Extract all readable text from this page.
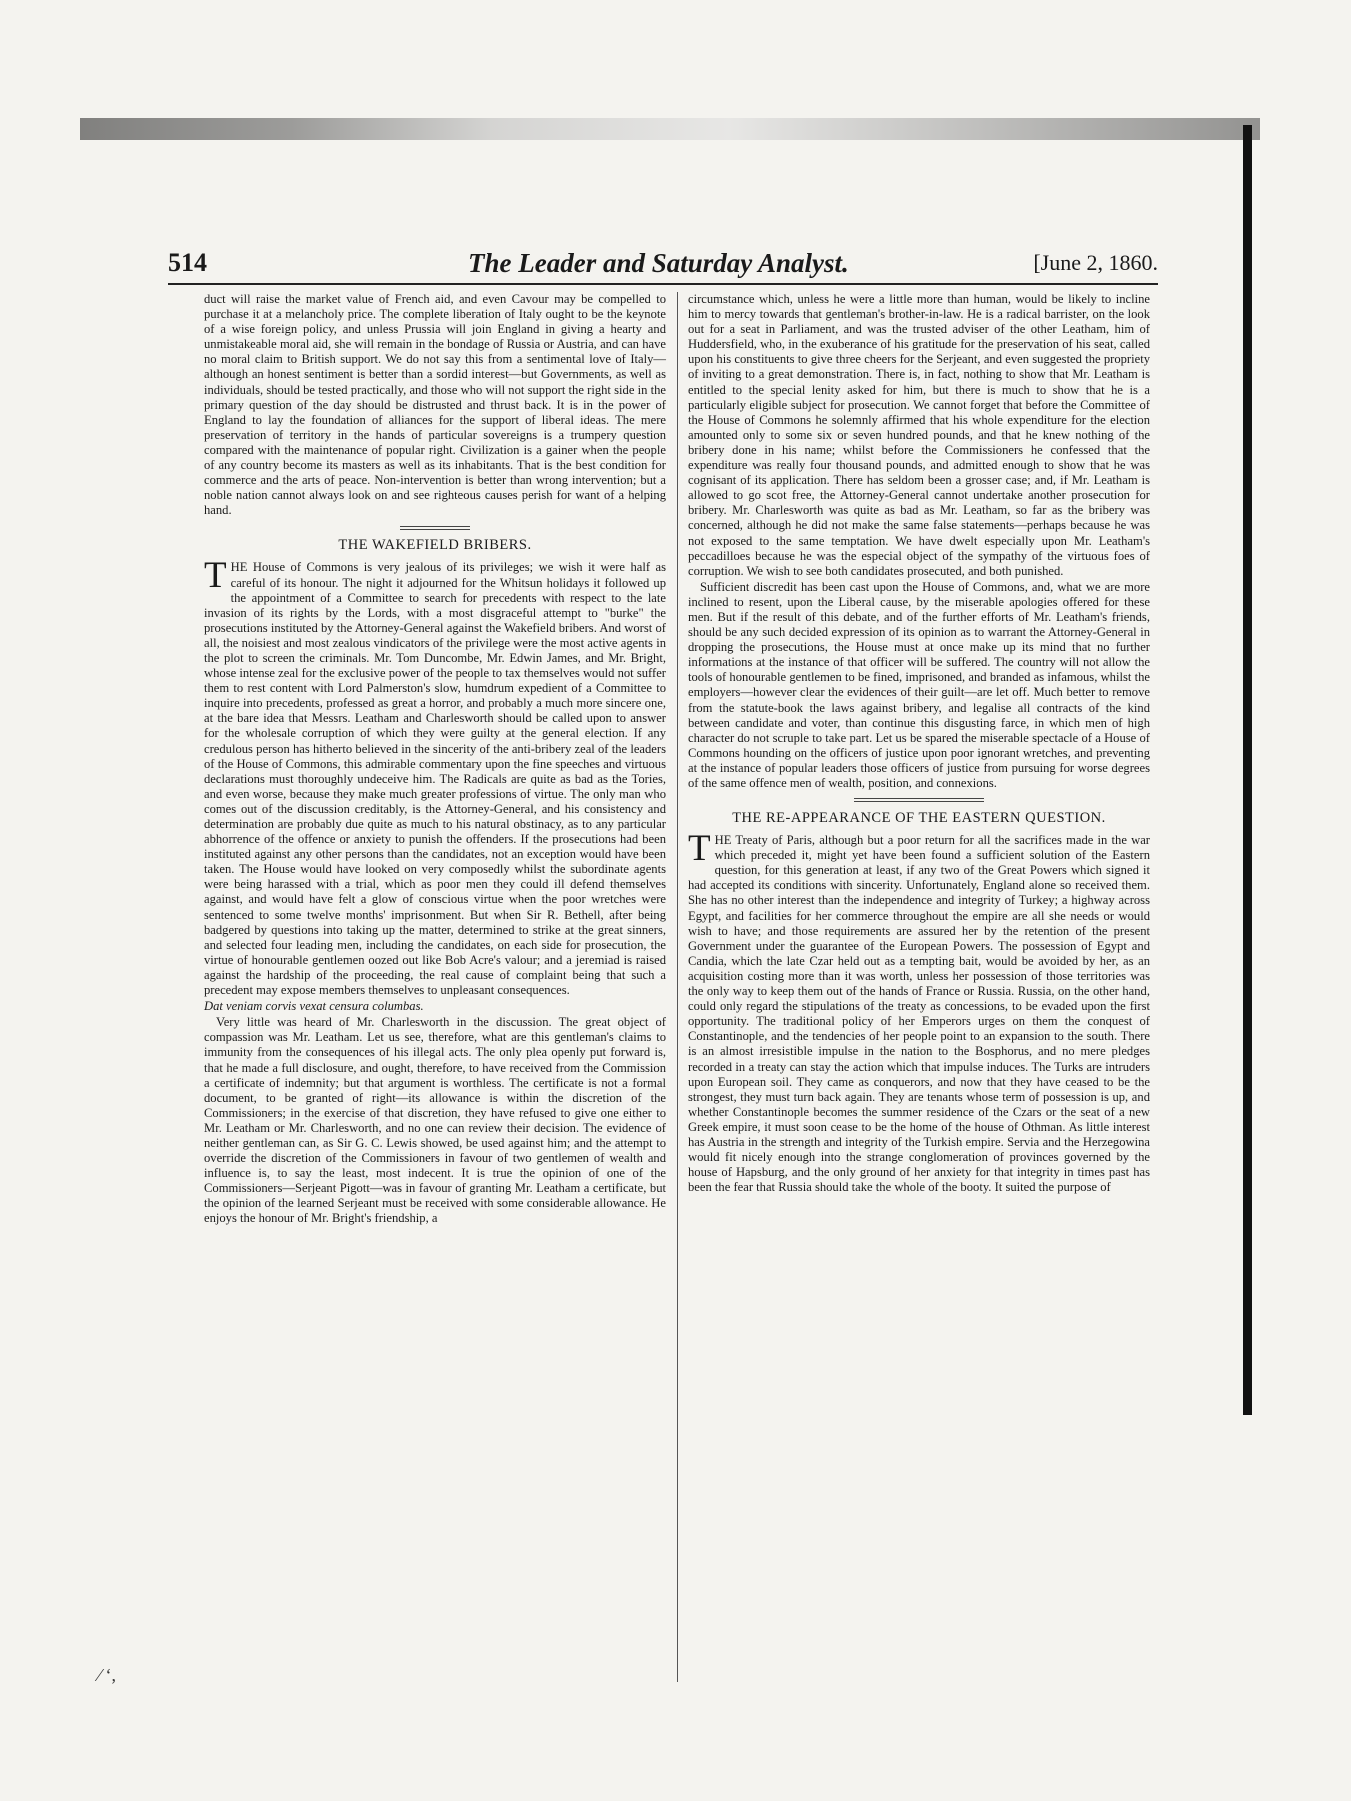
⁄ ʻ,
514	The Leader and Saturday Analyst.	[June 2, 1860.

duct will raise the market value of French aid, and even Cavour may be compelled to purchase it at a melancholy price. The complete liberation of Italy ought to be the keynote of a wise foreign policy, and unless Prussia will join England in giving a hearty and unmistakeable moral aid, she will remain in the bondage of Russia or Austria, and can have no moral claim to British support. We do not say this from a sentimental love of Italy—although an honest sentiment is better than a sordid interest—but Governments, as well as individuals, should be tested practically, and those who will not support the right side in the primary question of the day should be distrusted and thrust back. It is in the power of England to lay the foundation of alliances for the support of liberal ideas. The mere preservation of territory in the hands of particular sovereigns is a trumpery question compared with the maintenance of popular right. Civilization is a gainer when the people of any country become its masters as well as its inhabitants. That is the best condition for commerce and the arts of peace. Non-intervention is better than wrong intervention; but a noble nation cannot always look on and see righteous causes perish for want of a helping hand.

THE WAKEFIELD BRIBERS.

THE House of Commons is very jealous of its privileges; we wish it were half as careful of its honour. The night it adjourned for the Whitsun holidays it followed up the appointment of a Committee to search for precedents with respect to the late invasion of its rights by the Lords, with a most disgraceful attempt to "burke" the prosecutions instituted by the Attorney-General against the Wakefield bribers. And worst of all, the noisiest and most zealous vindicators of the privilege were the most active agents in the plot to screen the criminals. Mr. Tom Duncombe, Mr. Edwin James, and Mr. Bright, whose intense zeal for the exclusive power of the people to tax themselves would not suffer them to rest content with Lord Palmerston's slow, humdrum expedient of a Committee to inquire into precedents, professed as great a horror, and probably a much more sincere one, at the bare idea that Messrs. Leatham and Charlesworth should be called upon to answer for the wholesale corruption of which they were guilty at the general election. If any credulous person has hitherto believed in the sincerity of the anti-bribery zeal of the leaders of the House of Commons, this admirable commentary upon the fine speeches and virtuous declarations must thoroughly undeceive him. The Radicals are quite as bad as the Tories, and even worse, because they make much greater professions of virtue. The only man who comes out of the discussion creditably, is the Attorney-General, and his consistency and determination are probably due quite as much to his natural obstinacy, as to any particular abhorrence of the offence or anxiety to punish the offenders. If the prosecutions had been instituted against any other persons than the candidates, not an exception would have been taken. The House would have looked on very composedly whilst the subordinate agents were being harassed with a trial, which as poor men they could ill defend themselves against, and would have felt a glow of conscious virtue when the poor wretches were sentenced to some twelve months' imprisonment. But when Sir R. Bethell, after being badgered by questions into taking up the matter, determined to strike at the great sinners, and selected four leading men, including the candidates, on each side for prosecution, the virtue of honourable gentlemen oozed out like Bob Acre's valour; and a jeremiad is raised against the hardship of the proceeding, the real cause of complaint being that such a precedent may expose members themselves to unpleasant consequences.

Dat veniam corvis vexat censura columbas.

Very little was heard of Mr. Charlesworth in the discussion. The great object of compassion was Mr. Leatham. Let us see, therefore, what are this gentleman's claims to immunity from the consequences of his illegal acts. The only plea openly put forward is, that he made a full disclosure, and ought, therefore, to have received from the Commission a certificate of indemnity; but that argument is worthless. The certificate is not a formal document, to be granted of right—its allowance is within the discretion of the Commissioners; in the exercise of that discretion, they have refused to give one either to Mr. Leatham or Mr. Charlesworth, and no one can review their decision. The evidence of neither gentleman can, as Sir G. C. Lewis showed, be used against him; and the attempt to override the discretion of the Commissioners in favour of two gentlemen of wealth and influence is, to say the least, most indecent. It is true the opinion of one of the Commissioners—Serjeant Pigott—was in favour of granting Mr. Leatham a certificate, but the opinion of the learned Serjeant must be received with some considerable allowance. He enjoys the honour of Mr. Bright's friendship, a

circumstance which, unless he were a little more than human, would be likely to incline him to mercy towards that gentleman's brother-in-law. He is a radical barrister, on the look out for a seat in Parliament, and was the trusted adviser of the other Leatham, him of Huddersfield, who, in the exuberance of his gratitude for the preservation of his seat, called upon his constituents to give three cheers for the Serjeant, and even suggested the propriety of inviting to a great demonstration. There is, in fact, nothing to show that Mr. Leatham is entitled to the special lenity asked for him, but there is much to show that he is a particularly eligible subject for prosecution. We cannot forget that before the Committee of the House of Commons he solemnly affirmed that his whole expenditure for the election amounted only to some six or seven hundred pounds, and that he knew nothing of the bribery done in his name; whilst before the Commissioners he confessed that the expenditure was really four thousand pounds, and admitted enough to show that he was cognisant of its application. There has seldom been a grosser case; and, if Mr. Leatham is allowed to go scot free, the Attorney-General cannot undertake another prosecution for bribery. Mr. Charlesworth was quite as bad as Mr. Leatham, so far as the bribery was concerned, although he did not make the same false statements—perhaps because he was not exposed to the same temptation. We have dwelt especially upon Mr. Leatham's peccadilloes because he was the especial object of the sympathy of the virtuous foes of corruption. We wish to see both candidates prosecuted, and both punished.

Sufficient discredit has been cast upon the House of Commons, and, what we are more inclined to resent, upon the Liberal cause, by the miserable apologies offered for these men. But if the result of this debate, and of the further efforts of Mr. Leatham's friends, should be any such decided expression of its opinion as to warrant the Attorney-General in dropping the prosecutions, the House must at once make up its mind that no further informations at the instance of that officer will be suffered. The country will not allow the tools of honourable gentlemen to be fined, imprisoned, and branded as infamous, whilst the employers—however clear the evidences of their guilt—are let off. Much better to remove from the statute-book the laws against bribery, and legalise all contracts of the kind between candidate and voter, than continue this disgusting farce, in which men of high character do not scruple to take part. Let us be spared the miserable spectacle of a House of Commons hounding on the officers of justice upon poor ignorant wretches, and preventing at the instance of popular leaders those officers of justice from pursuing for worse degrees of the same offence men of wealth, position, and connexions.

THE RE-APPEARANCE OF THE EASTERN QUESTION.

THE Treaty of Paris, although but a poor return for all the sacrifices made in the war which preceded it, might yet have been found a sufficient solution of the Eastern question, for this generation at least, if any two of the Great Powers which signed it had accepted its conditions with sincerity. Unfortunately, England alone so received them. She has no other interest than the independence and integrity of Turkey; a highway across Egypt, and facilities for her commerce throughout the empire are all she needs or would wish to have; and those requirements are assured her by the retention of the present Government under the guarantee of the European Powers. The possession of Egypt and Candia, which the late Czar held out as a tempting bait, would be avoided by her, as an acquisition costing more than it was worth, unless her possession of those territories was the only way to keep them out of the hands of France or Russia. Russia, on the other hand, could only regard the stipulations of the treaty as concessions, to be evaded upon the first opportunity. The traditional policy of her Emperors urges on them the conquest of Constantinople, and the tendencies of her people point to an expansion to the south. There is an almost irresistible impulse in the nation to the Bosphorus, and no mere pledges recorded in a treaty can stay the action which that impulse induces. The Turks are intruders upon European soil. They came as conquerors, and now that they have ceased to be the strongest, they must turn back again. They are tenants whose term of possession is up, and whether Constantinople becomes the summer residence of the Czars or the seat of a new Greek empire, it must soon cease to be the home of the house of Othman. As little interest has Austria in the strength and integrity of the Turkish empire. Servia and the Herzegowina would fit nicely enough into the strange conglomeration of provinces governed by the house of Hapsburg, and the only ground of her anxiety for that integrity in times past has been the fear that Russia should take the whole of the booty. It suited the purpose of
